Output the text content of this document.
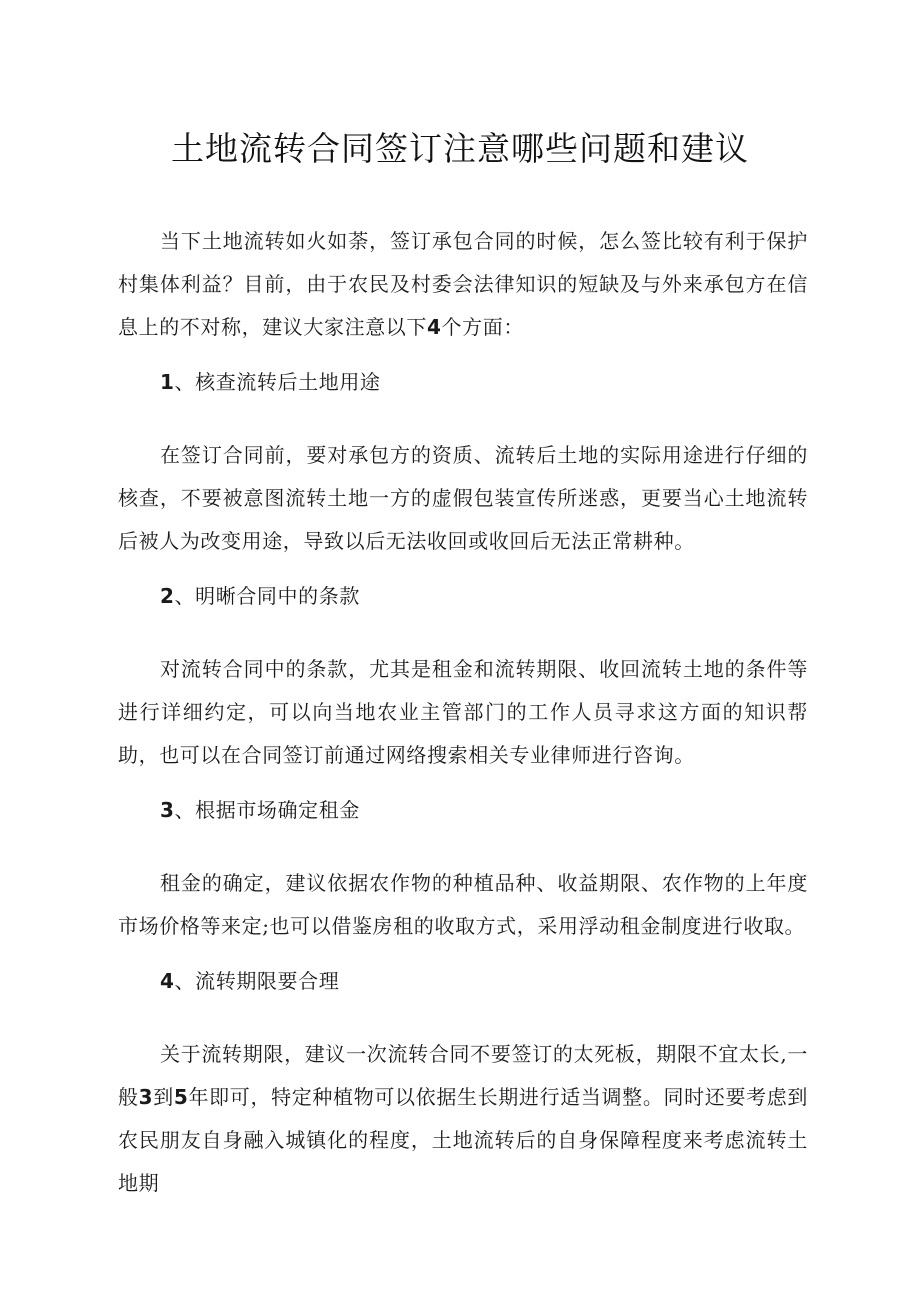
土地流转合同签订注意哪些问题和建议

当下土地流转如火如荼，签订承包合同的时候，怎么签比较有利于保护村集体利益？目前，由于农民及村委会法律知识的短缺及与外来承包方在信息上的不对称，建议大家注意以下4个方面：

1、核查流转后土地用途

在签订合同前，要对承包方的资质、流转后土地的实际用途进行仔细的核查，不要被意图流转土地一方的虚假包装宣传所迷惑，更要当心土地流转后被人为改变用途，导致以后无法收回或收回后无法正常耕种。

2、明晰合同中的条款

对流转合同中的条款，尤其是租金和流转期限、收回流转土地的条件等进行详细约定，可以向当地农业主管部门的工作人员寻求这方面的知识帮助，也可以在合同签订前通过网络搜索相关专业律师进行咨询。

3、根据市场确定租金

租金的确定，建议依据农作物的种植品种、收益期限、农作物的上年度市场价格等来定;也可以借鉴房租的收取方式，采用浮动租金制度进行收取。

4、流转期限要合理

关于流转期限，建议一次流转合同不要签订的太死板，期限不宜太长,一般3到5年即可，特定种植物可以依据生长期进行适当调整。同时还要考虑到农民朋友自身融入城镇化的程度，土地流转后的自身保障程度来考虑流转土地期
